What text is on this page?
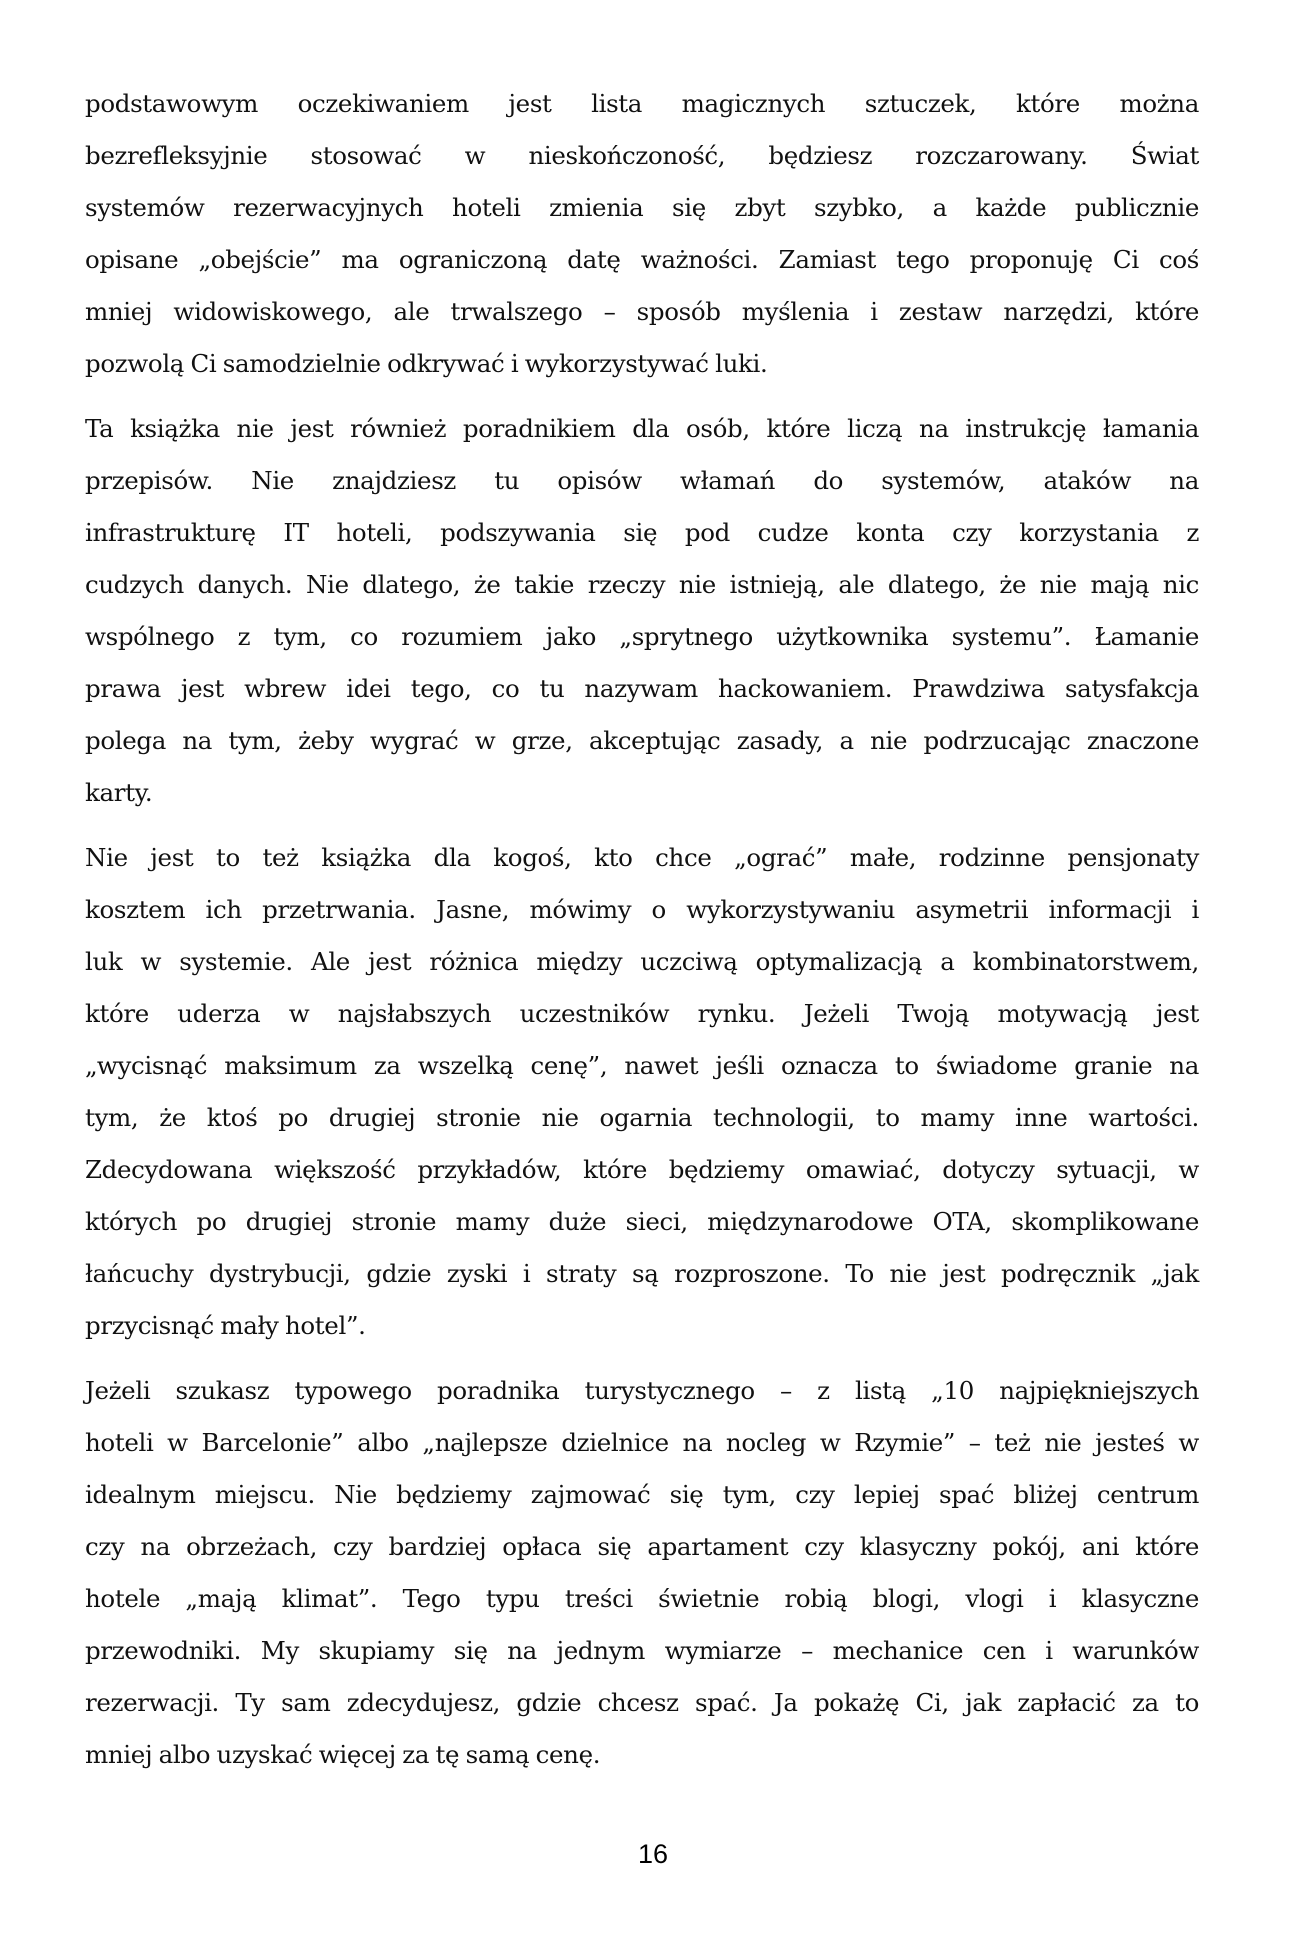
podstawowym oczekiwaniem jest lista magicznych sztuczek, które można
bezrefleksyjnie stosować w nieskończoność, będziesz rozczarowany. Świat
systemów rezerwacyjnych hoteli zmienia się zbyt szybko, a każde publicznie
opisane „obejście” ma ograniczoną datę ważności. Zamiast tego proponuję Ci coś
mniej widowiskowego, ale trwalszego – sposób myślenia i zestaw narzędzi, które
pozwolą Ci samodzielnie odkrywać i wykorzystywać luki.
Ta książka nie jest również poradnikiem dla osób, które liczą na instrukcję łamania
przepisów. Nie znajdziesz tu opisów włamań do systemów, ataków na
infrastrukturę IT hoteli, podszywania się pod cudze konta czy korzystania z
cudzych danych. Nie dlatego, że takie rzeczy nie istnieją, ale dlatego, że nie mają nic
wspólnego z tym, co rozumiem jako „sprytnego użytkownika systemu”. Łamanie
prawa jest wbrew idei tego, co tu nazywam hackowaniem. Prawdziwa satysfakcja
polega na tym, żeby wygrać w grze, akceptując zasady, a nie podrzucając znaczone
karty.
Nie jest to też książka dla kogoś, kto chce „ograć” małe, rodzinne pensjonaty
kosztem ich przetrwania. Jasne, mówimy o wykorzystywaniu asymetrii informacji i
luk w systemie. Ale jest różnica między uczciwą optymalizacją a kombinatorstwem,
które uderza w najsłabszych uczestników rynku. Jeżeli Twoją motywacją jest
„wycisnąć maksimum za wszelką cenę”, nawet jeśli oznacza to świadome granie na
tym, że ktoś po drugiej stronie nie ogarnia technologii, to mamy inne wartości.
Zdecydowana większość przykładów, które będziemy omawiać, dotyczy sytuacji, w
których po drugiej stronie mamy duże sieci, międzynarodowe OTA, skomplikowane
łańcuchy dystrybucji, gdzie zyski i straty są rozproszone. To nie jest podręcznik „jak
przycisnąć mały hotel”.
Jeżeli szukasz typowego poradnika turystycznego – z listą „10 najpiękniejszych
hoteli w Barcelonie” albo „najlepsze dzielnice na nocleg w Rzymie” – też nie jesteś w
idealnym miejscu. Nie będziemy zajmować się tym, czy lepiej spać bliżej centrum
czy na obrzeżach, czy bardziej opłaca się apartament czy klasyczny pokój, ani które
hotele „mają klimat”. Tego typu treści świetnie robią blogi, vlogi i klasyczne
przewodniki. My skupiamy się na jednym wymiarze – mechanice cen i warunków
rezerwacji. Ty sam zdecydujesz, gdzie chcesz spać. Ja pokażę Ci, jak zapłacić za to
mniej albo uzyskać więcej za tę samą cenę.
16
